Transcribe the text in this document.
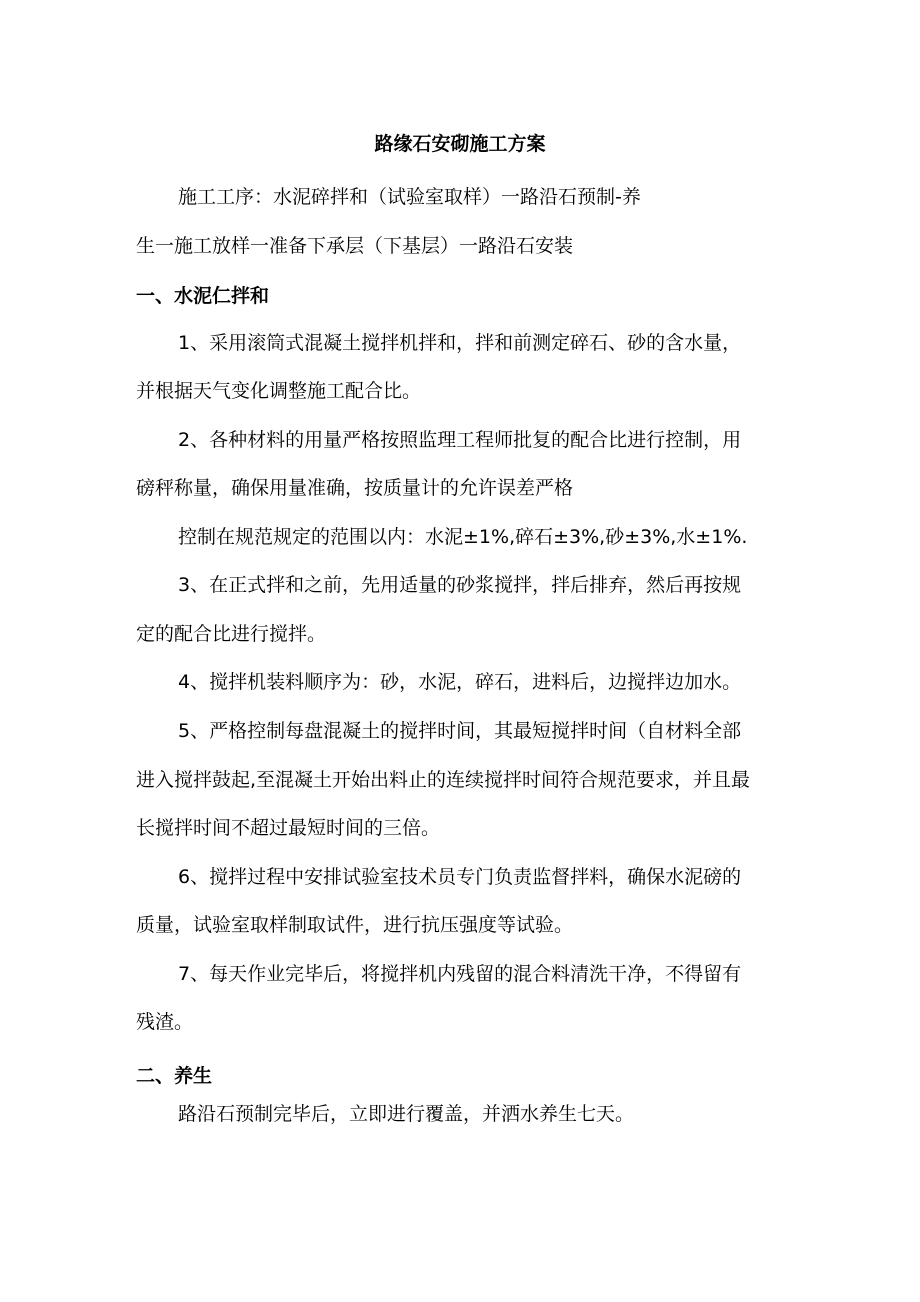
路缘石安砌施工方案
施工工序：水泥碎拌和（试验室取样）一路沿石预制-养
生一施工放样一准备下承层（下基层）一路沿石安装
一、水泥仁拌和
1、采用滚筒式混凝土搅拌机拌和，拌和前测定碎石、砂的含水量，
并根据天气变化调整施工配合比。
2、各种材料的用量严格按照监理工程师批复的配合比进行控制，用
磅秤称量，确保用量准确，按质量计的允许误差严格
控制在规范规定的范围以内：水泥±1%,碎石±3%,砂±3%,水±1%.
3、在正式拌和之前，先用适量的砂浆搅拌，拌后排弃，然后再按规
定的配合比进行搅拌。
4、搅拌机装料顺序为：砂，水泥，碎石，进料后，边搅拌边加水。
5、严格控制每盘混凝土的搅拌时间，其最短搅拌时间（自材料全部
进入搅拌鼓起,至混凝土开始出料止的连续搅拌时间符合规范要求，并且最
长搅拌时间不超过最短时间的三倍。
6、搅拌过程中安排试验室技术员专门负责监督拌料，确保水泥磅的
质量，试验室取样制取试件，进行抗压强度等试验。
7、每天作业完毕后，将搅拌机内残留的混合料清洗干净，不得留有
残渣。
二、养生
路沿石预制完毕后，立即进行覆盖，并洒水养生七天。
